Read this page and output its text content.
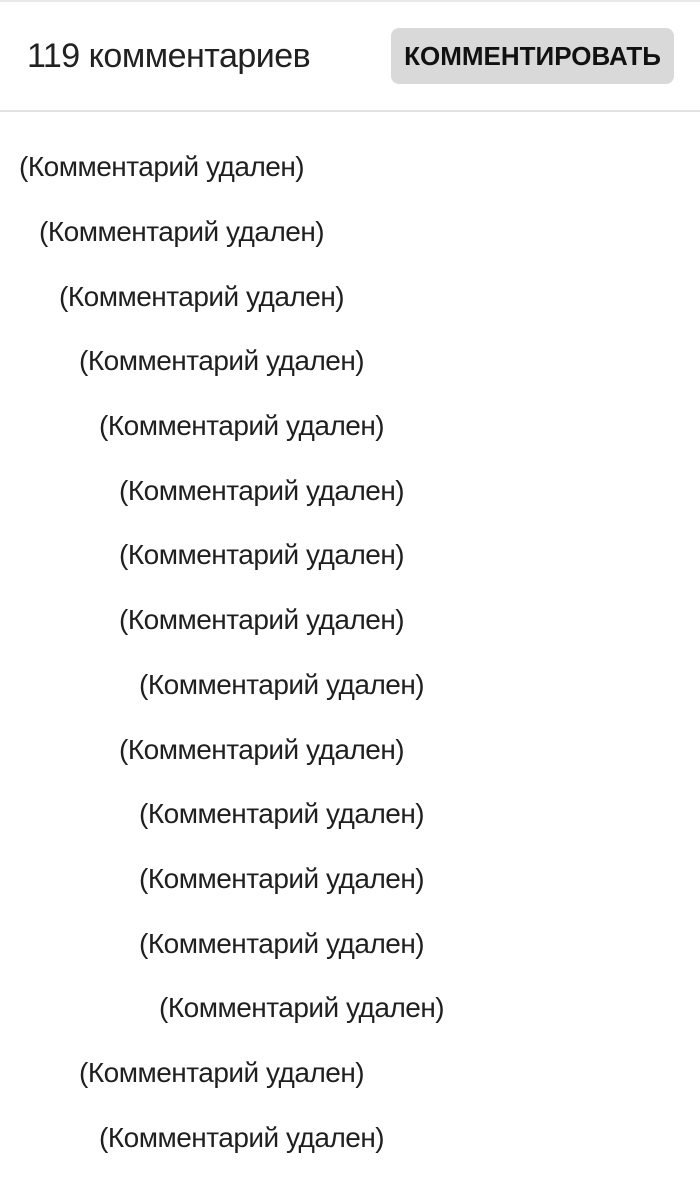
119 комментариев	КОММЕНТИРОВАТЬ
(Комментарий удален)
(Комментарий удален)
(Комментарий удален)
(Комментарий удален)
(Комментарий удален)
(Комментарий удален)
(Комментарий удален)
(Комментарий удален)
(Комментарий удален)
(Комментарий удален)
(Комментарий удален)
(Комментарий удален)
(Комментарий удален)
(Комментарий удален)
(Комментарий удален)
(Комментарий удален)
